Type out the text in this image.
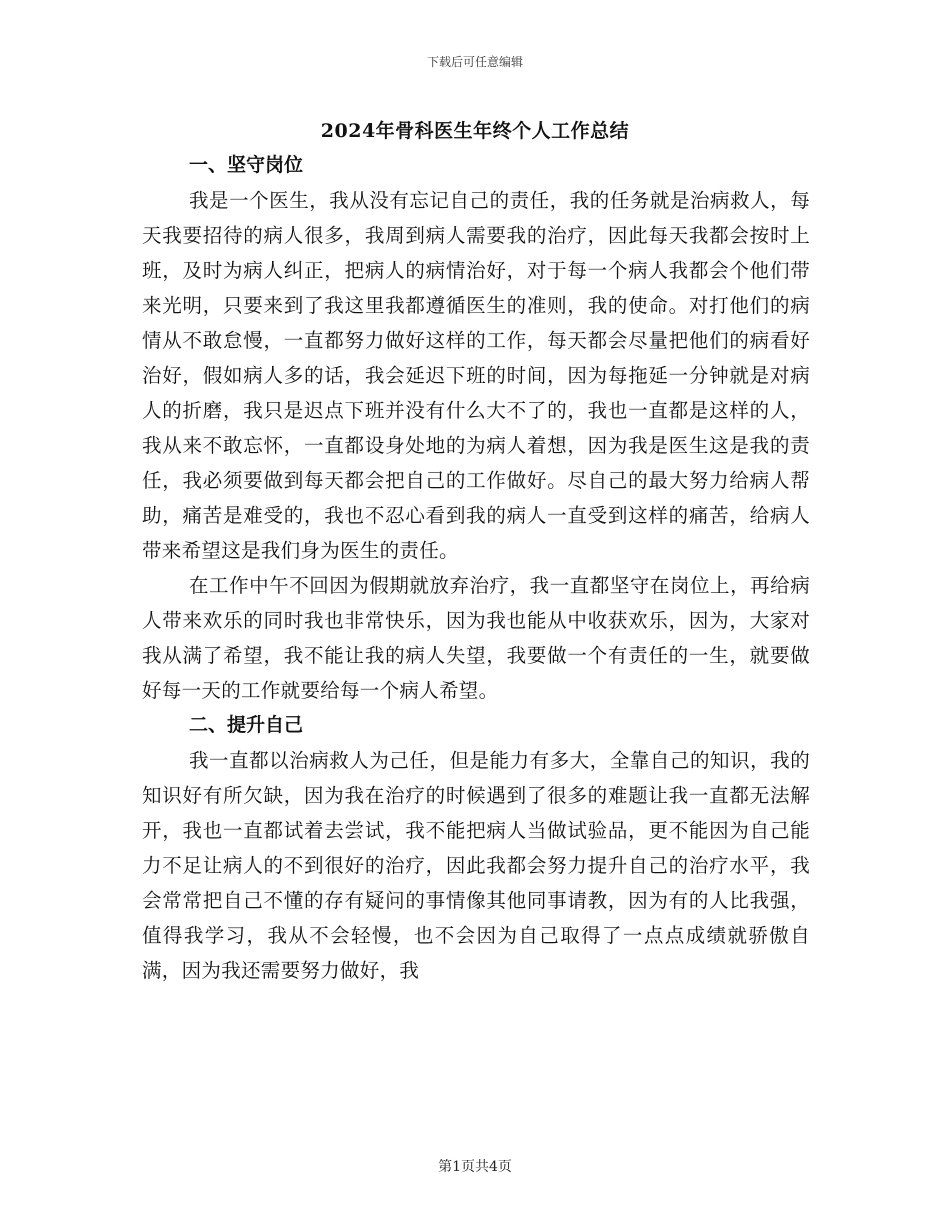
下载后可任意编辑
2024年骨科医生年终个人工作总结

一、坚守岗位

我是一个医生，我从没有忘记自己的责任，我的任务就是治病救人，每天我要招待的病人很多，我周到病人需要我的治疗，因此每天我都会按时上班，及时为病人纠正，把病人的病情治好，对于每一个病人我都会个他们带来光明，只要来到了我这里我都遵循医生的准则，我的使命。对打他们的病情从不敢怠慢，一直都努力做好这样的工作，每天都会尽量把他们的病看好治好，假如病人多的话，我会延迟下班的时间，因为每拖延一分钟就是对病人的折磨，我只是迟点下班并没有什么大不了的，我也一直都是这样的人，我从来不敢忘怀，一直都设身处地的为病人着想，因为我是医生这是我的责任，我必须要做到每天都会把自己的工作做好。尽自己的最大努力给病人帮助，痛苦是难受的，我也不忍心看到我的病人一直受到这样的痛苦，给病人带来希望这是我们身为医生的责任。

在工作中午不回因为假期就放弃治疗，我一直都坚守在岗位上，再给病人带来欢乐的同时我也非常快乐，因为我也能从中收获欢乐，因为，大家对我从满了希望，我不能让我的病人失望，我要做一个有责任的一生，就要做好每一天的工作就要给每一个病人希望。

二、提升自己

我一直都以治病救人为己任，但是能力有多大，全靠自己的知识，我的知识好有所欠缺，因为我在治疗的时候遇到了很多的难题让我一直都无法解开，我也一直都试着去尝试，我不能把病人当做试验品，更不能因为自己能力不足让病人的不到很好的治疗，因此我都会努力提升自己的治疗水平，我会常常把自己不懂的存有疑问的事情像其他同事请教，因为有的人比我强，值得我学习，我从不会轻慢，也不会因为自己取得了一点点成绩就骄傲自满，因为我还需要努力做好，我

第1页共4页
